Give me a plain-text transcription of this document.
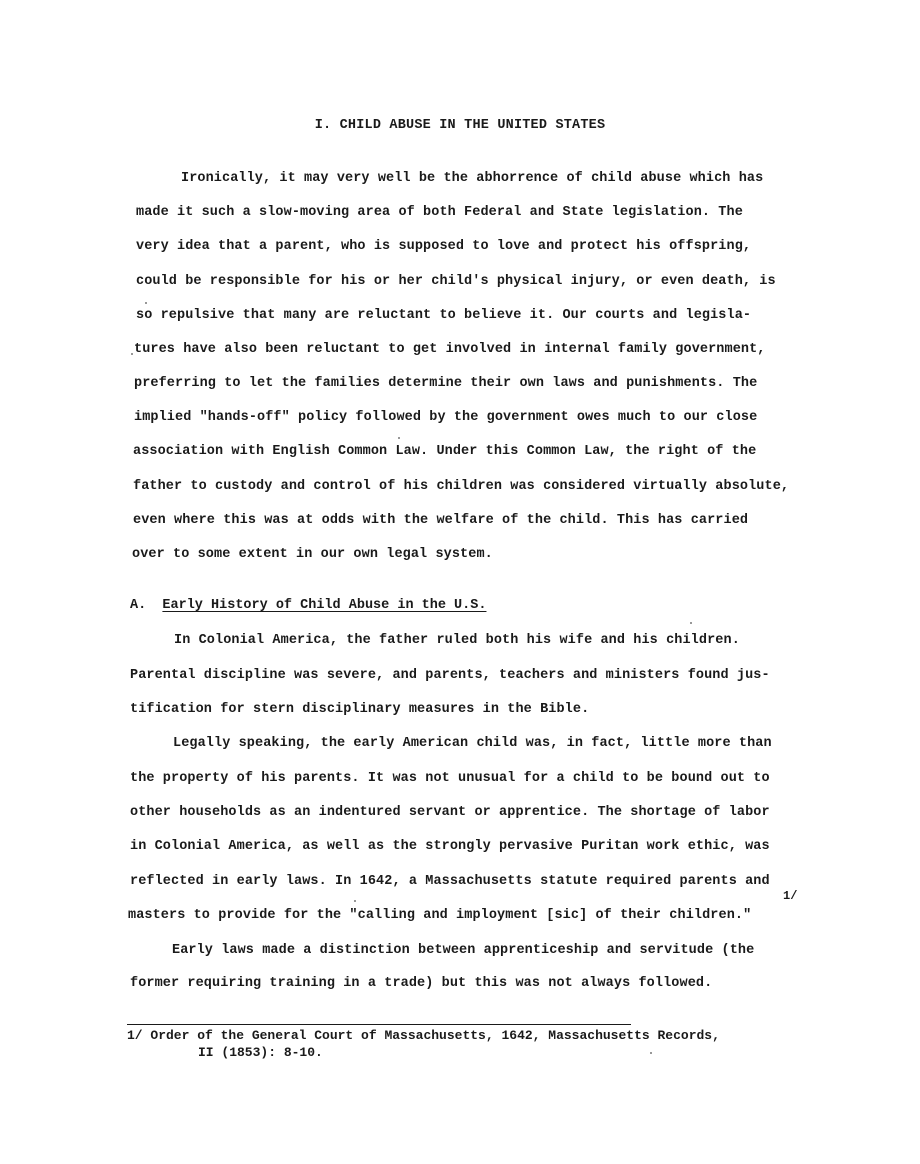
I. CHILD ABUSE IN THE UNITED STATES
Ironically, it may very well be the abhorrence of child abuse which has
made it such a slow-moving area of both Federal and State legislation. The
very idea that a parent, who is supposed to love and protect his offspring,
could be responsible for his or her child's physical injury, or even death, is
so repulsive that many are reluctant to believe it. Our courts and legisla-
tures have also been reluctant to get involved in internal family government,
preferring to let the families determine their own laws and punishments. The
implied "hands-off" policy followed by the government owes much to our close
association with English Common Law. Under this Common Law, the right of the
father to custody and control of his children was considered virtually absolute,
even where this was at odds with the welfare of the child. This has carried
over to some extent in our own legal system.
A. Early History of Child Abuse in the U.S.
In Colonial America, the father ruled both his wife and his children.
Parental discipline was severe, and parents, teachers and ministers found jus-
tification for stern disciplinary measures in the Bible.
Legally speaking, the early American child was, in fact, little more than
the property of his parents. It was not unusual for a child to be bound out to
other households as an indentured servant or apprentice. The shortage of labor
in Colonial America, as well as the strongly pervasive Puritan work ethic, was
reflected in early laws. In 1642, a Massachusetts statute required parents and
1/
masters to provide for the "calling and imployment [sic] of their children."
Early laws made a distinction between apprenticeship and servitude (the
former requiring training in a trade) but this was not always followed.
1/ Order of the General Court of Massachusetts, 1642, Massachusetts Records,
II (1853): 8-10.
